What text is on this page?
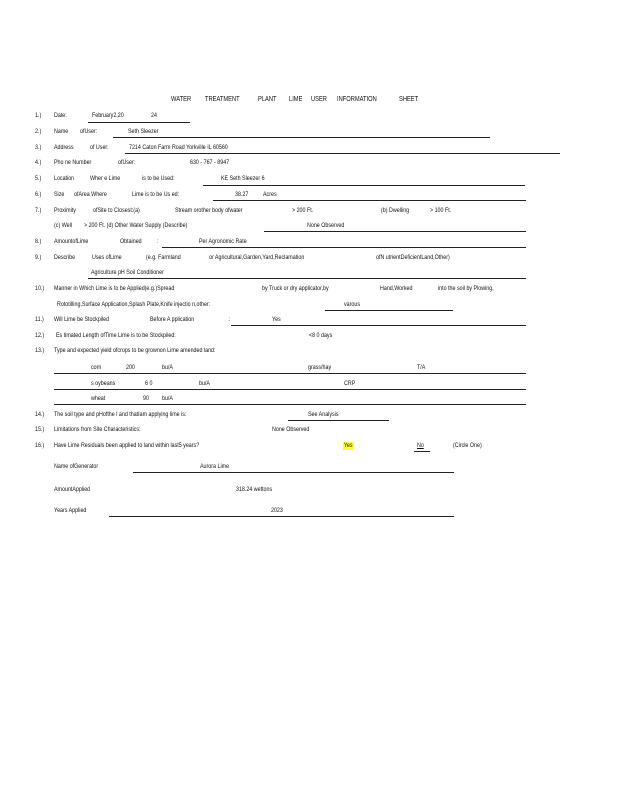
WATER TREATMENT	PLANT LIME USER INFORMATION	SHEET
1.) Date:	February2,20	24
2.) Name ofUser:	Seth Sleezer
3.) Address	of User:	7214 Caton Farm Road Yorkville IL 60560
4.) Pho ne Number	ofUser:	630 - 767 - 8947
5.) Location Wher e Lime	is to be Used:	KE Seth Sleezer 6
6.) Size ofArea Where	Lime is to be Us ed:	38.27 Acres
7.) Proximity	ofSite to Closest:(a)	Stream orother body ofwater	> 200 Ft.	(b) Dwelling	> 100 Ft.
(c) Well > 200 Ft. (d) Other Water Supply (Describe)	None Observed
8.) AmountofLime	Obtained :	Per Agronomic Rate
9.) Describe	Uses ofLime	(e.g. Farmland	or Agricultural,Garden,Yard,Reclamation	ofN utrientDeficientLand,Other)
Agriculture pH Soil Conditioner
10.) Manner in Which Lime is to be Applied(e.g.)Spread	by Truck or dry applicator,by	Hand,Worked	into the soil by Plowing,
Rototilling,Surface Application,Splash Plate,Knife injectio n,other:	varous
11.) Will Lime be Stockpiled	Before A pplication	:	Yes
12.) Es timated Length ofTime Lime is to be Stockpiled:	<8 0 days
13.) Type and expected yield ofcrops to be grownon Lime amended land:
corn	200	bu/A	grass/hay	T/A
s oybeans	6 0	bu/A	CRP
wheat	90 bu/A
14.) The soil type and pHofthe l and thatIam applying lime is:	See Analysis
15.) Limitations from Site Characteristics:	None Observed
16.) Have Lime Residuals been applied to land within last5 years?	Yes	No	(Circle One)
Name ofGenerator	Aurora Lime
AmountApplied	318.24 wettons
Years Applied	2023
